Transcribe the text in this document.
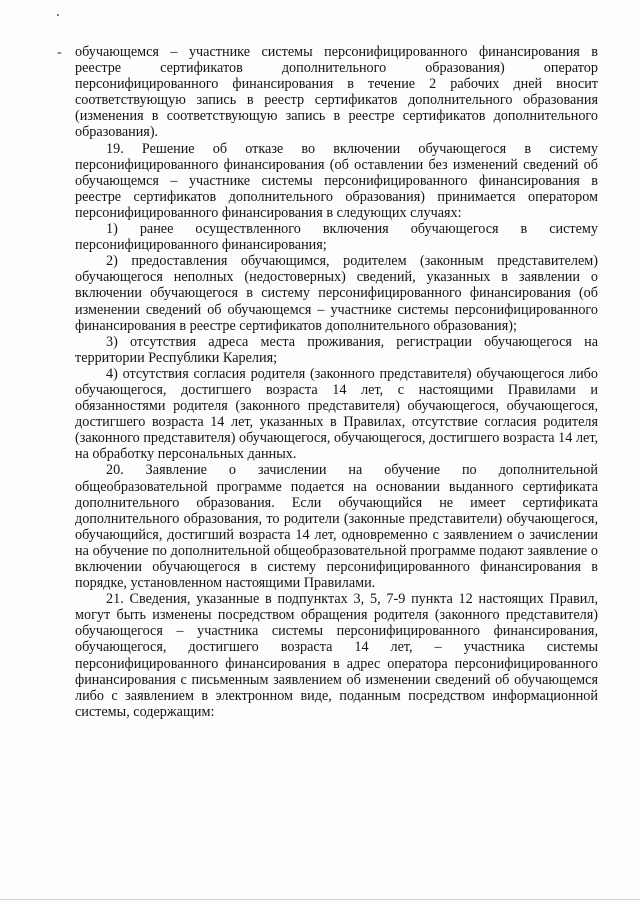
- обучающемся – участнике системы персонифицированного финансирования в реестре сертификатов дополнительного образования) оператор персонифицированного финансирования в течение 2 рабочих дней вносит соответствующую запись в реестр сертификатов дополнительного образования (изменения в соответствующую запись в реестре сертификатов дополнительного образования).

19. Решение об отказе во включении обучающегося в систему персонифицированного финансирования (об оставлении без изменений сведений об обучающемся – участнике системы персонифицированного финансирования в реестре сертификатов дополнительного образования) принимается оператором персонифицированного финансирования в следующих случаях:

1) ранее осуществленного включения обучающегося в систему персонифицированного финансирования;

2) предоставления обучающимся, родителем (законным представителем) обучающегося неполных (недостоверных) сведений, указанных в заявлении о включении обучающегося в систему персонифицированного финансирования (об изменении сведений об обучающемся – участнике системы персонифицированного финансирования в реестре сертификатов дополнительного образования);

3) отсутствия адреса места проживания, регистрации обучающегося на территории Республики Карелия;

4) отсутствия согласия родителя (законного представителя) обучающегося либо обучающегося, достигшего возраста 14 лет, с настоящими Правилами и обязанностями родителя (законного представителя) обучающегося, обучающегося, достигшего возраста 14 лет, указанных в Правилах, отсутствие согласия родителя (законного представителя) обучающегося, обучающегося, достигшего возраста 14 лет, на обработку персональных данных.

20. Заявление о зачислении на обучение по дополнительной общеобразовательной программе подается на основании выданного сертификата дополнительного образования. Если обучающийся не имеет сертификата дополнительного образования, то родители (законные представители) обучающегося, обучающийся, достигший возраста 14 лет, одновременно с заявлением о зачислении на обучение по дополнительной общеобразовательной программе подают заявление о включении обучающегося в систему персонифицированного финансирования в порядке, установленном настоящими Правилами.

21. Сведения, указанные в подпунктах 3, 5, 7-9 пункта 12 настоящих Правил, могут быть изменены посредством обращения родителя (законного представителя) обучающегося – участника системы персонифицированного финансирования, обучающегося, достигшего возраста 14 лет, – участника системы персонифицированного финансирования в адрес оператора персонифицированного финансирования с письменным заявлением об изменении сведений об обучающемся либо с заявлением в электронном виде, поданным посредством информационной системы, содержащим:
